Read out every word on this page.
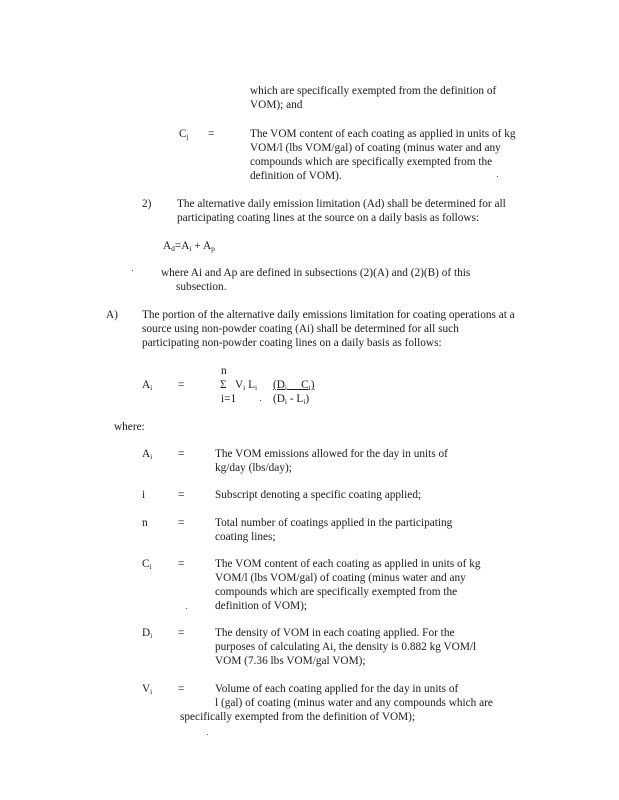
which are specifically exempted from the definition of
VOM); and
Cj =	The VOM content of each coating as applied in units of kg
VOM/l (lbs VOM/gal) of coating (minus water and any
compounds which are specifically exempted from the
definition of VOM).
2) The alternative daily emission limitation (Ad) shall be determined for all
participating coating lines at the source on a daily basis as follows:
Ad=Ai + Ap
where Ai and Ap are defined in subsections (2)(A) and (2)(B) of this
subsection.
A) The portion of the alternative daily emissions limitation for coating operations at a
source using non-powder coating (Ai) shall be determined for all such
participating non-powder coating lines on a daily basis as follows:
n
Ai =	Σ Vi Li (Di     Ci)
i=1	(Di - Li)
where:
Ai =	The VOM emissions allowed for the day in units of
kg/day (lbs/day);
i	=	Subscript denoting a specific coating applied;
n	=	Total number of coatings applied in the participating
coating lines;
Ci =	The VOM content of each coating as applied in units of kg
VOM/l (lbs VOM/gal) of coating (minus water and any
compounds which are specifically exempted from the
definition of VOM);
Di =	The density of VOM in each coating applied. For the
purposes of calculating Ai, the density is 0.882 kg VOM/l
VOM (7.36 lbs VOM/gal VOM);
Vi =	Volume of each coating applied for the day in units of
l (gal) of coating (minus water and any compounds which are
specifically exempted from the definition of VOM);
